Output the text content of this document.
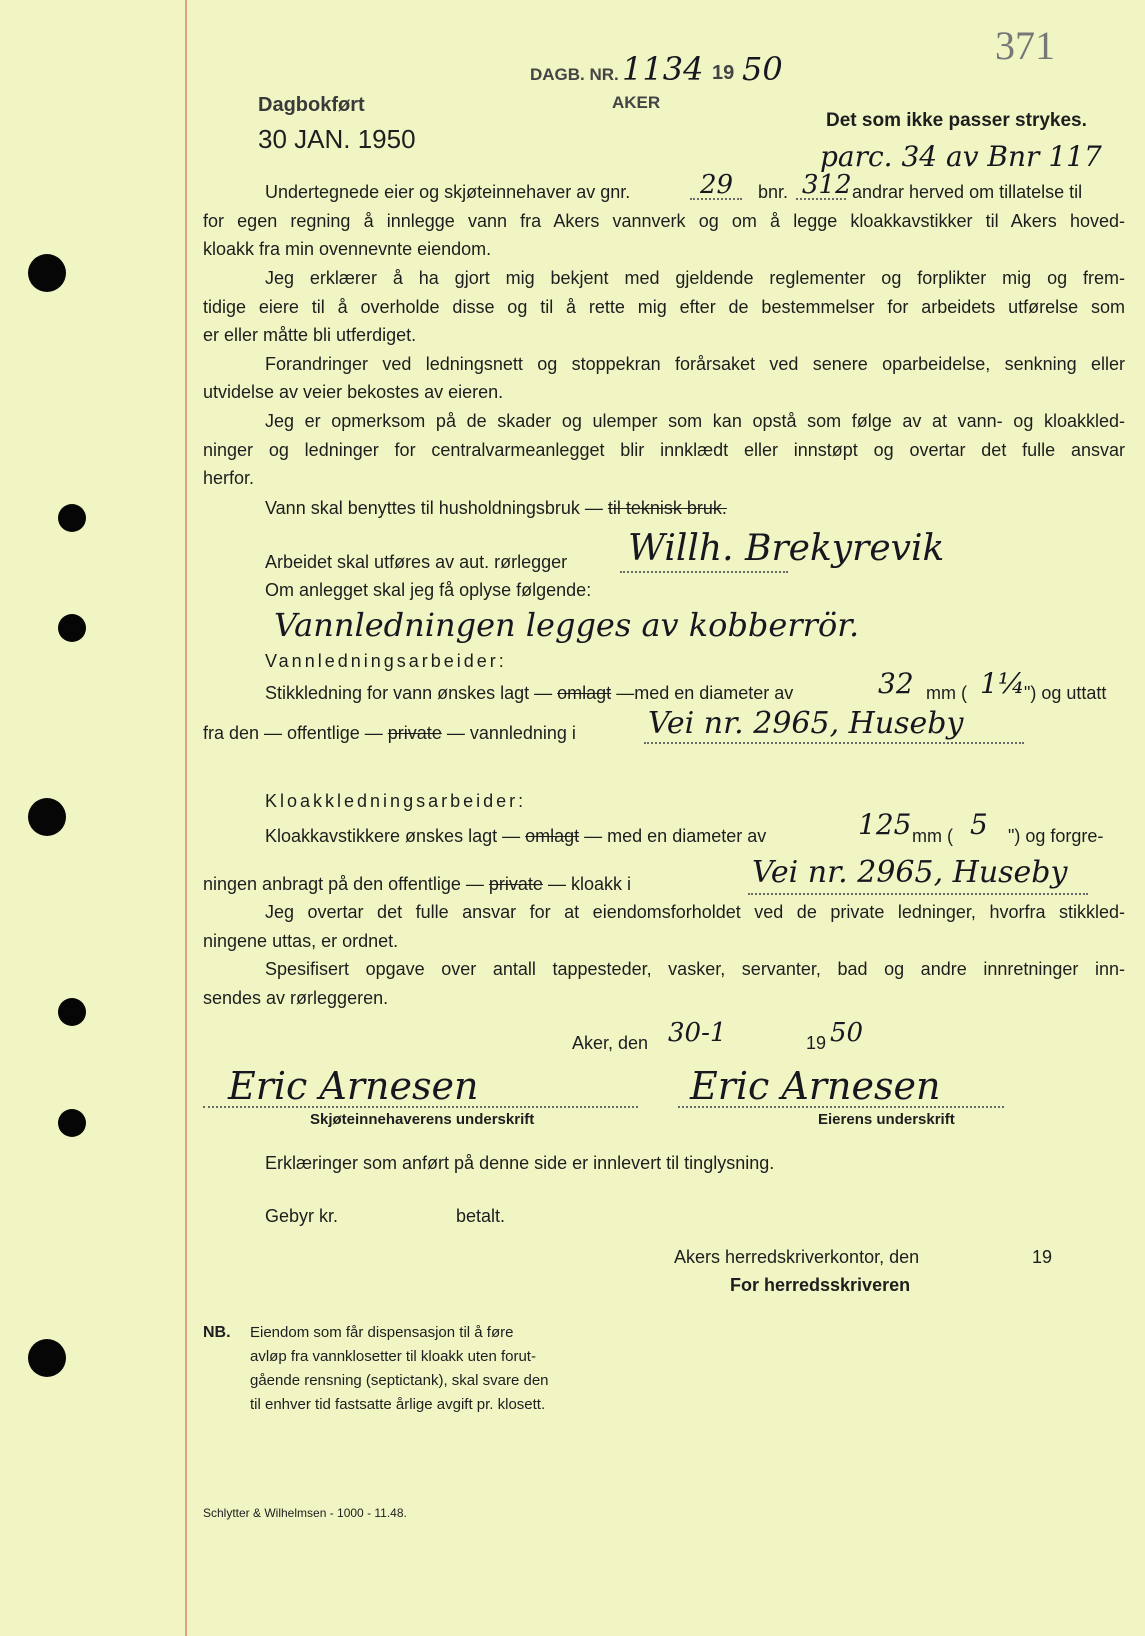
Dagbokført
30 JAN. 1950
DAGB. NR. 1134 19 50
AKER
371
Det som ikke passer strykes.
parc. 34 av Bnr 117
Undertegnede eier og skjøteinnehaver av gnr.	29 bnr. 312 andrar herved om tillatelse til
for egen regning å innlegge vann fra Akers vannverk og om å legge kloakkavstikker til Akers hoved-
kloakk fra min ovennevnte eiendom.
Jeg erklærer å ha gjort mig bekjent med gjeldende reglementer og forplikter mig og frem-
tidige eiere til å overholde disse og til å rette mig efter de bestemmelser for arbeidets utførelse som
er eller måtte bli utferdiget.
Forandringer ved ledningsnett og stoppekran forårsaket ved senere oparbeidelse, senkning eller
utvidelse av veier bekostes av eieren.
Jeg er opmerksom på de skader og ulemper som kan opstå som følge av at vann- og kloakkled-
ninger og ledninger for centralvarmeanlegget blir innklædt eller innstøpt og overtar det fulle ansvar
herfor.
Vann skal benyttes til husholdningsbruk — til teknisk bruk.
Arbeidet skal utføres av aut. rørlegger Willh. Brekyrevik
Om anlegget skal jeg få oplyse følgende:
Vannledningen legges av kobberrör.
Vannledningsarbeider:
Stikkledning for vann ønskes lagt — omlagt —med en diameter av	32 mm ( 1¼ ") og uttatt
fra den — offentlige — private — vannledning i Vei nr. 2965, Huseby
Kloakkledningsarbeider:
Kloakkavstikkere ønskes lagt — omlagt — med en diameter av	125 mm ( 5 ") og forgre-
ningen anbragt på den offentlige — private — kloakk i	Vei nr. 2965, Huseby
Jeg overtar det fulle ansvar for at eiendomsforholdet ved de private ledninger, hvorfra stikkled-
ningene uttas, er ordnet.
Spesifisert opgave over antall tappesteder, vasker, servanter, bad og andre innretninger inn-
sendes av rørleggeren.
Aker, den 30-1	19 50
Eric Arnesen
Skjøteinnehaverens underskrift
Eric Arnesen
Eierens underskrift
Erklæringer som anført på denne side er innlevert til tinglysning.
Gebyr kr.	betalt.
Akers herredskriverkontor, den	19
For herredsskriveren
NB. Eiendom som får dispensasjon til å føre
avløp fra vannklosetter til kloakk uten forut-
gående rensning (septictank), skal svare den
til enhver tid fastsatte årlige avgift pr. klosett.
Schlytter & Wilhelmsen - 1000 - 11.48.
